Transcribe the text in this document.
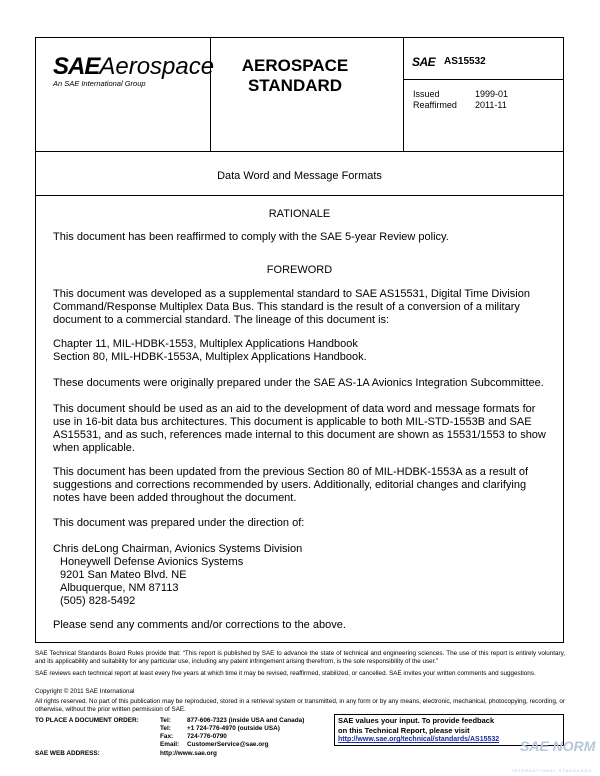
SAEAerospace
An SAE International Group
AEROSPACE
STANDARD
SAE AS15532
Issued	1999-01
Reaffirmed 2011-11
Data Word and Message Formats
RATIONALE
This document has been reaffirmed to comply with the SAE 5-year Review policy.
FOREWORD

This document was developed as a supplemental standard to SAE AS15531, Digital Time Division Command/Response Multiplex Data Bus. This standard is the result of a conversion of a military document to a commercial standard. The lineage of this document is:

Chapter 11, MIL-HDBK-1553, Multiplex Applications Handbook
Section 80, MIL-HDBK-1553A, Multiplex Applications Handbook.

These documents were originally prepared under the SAE AS-1A Avionics Integration Subcommittee.

This document should be used as an aid to the development of data word and message formats for use in 16-bit data bus architectures. This document is applicable to both MIL-STD-1553B and SAE AS15531, and as such, references made internal to this document are shown as 15531/1553 to show when applicable.

This document has been updated from the previous Section 80 of MIL-HDBK-1553A as a result of suggestions and corrections recommended by users. Additionally, editorial changes and clarifying notes have been added throughout the document.

This document was prepared under the direction of:

Chris deLong Chairman, Avionics Systems Division
Honeywell Defense Avionics Systems
9201 San Mateo Blvd. NE
Albuquerque, NM 87113
(505) 828-5492

Please send any comments and/or corrections to the above.

SAE Technical Standards Board Rules provide that: “This report is published by SAE to advance the state of technical and engineering sciences. The use of this report is entirely voluntary, and its applicability and suitability for any particular use, including any patent infringement arising therefrom, is the sole responsibility of the user.”

SAE reviews each technical report at least every five years at which time it may be revised, reaffirmed, stabilized, or cancelled. SAE invites your written comments and suggestions.

Copyright © 2011 SAE International

All rights reserved. No part of this publication may be reproduced, stored in a retrieval system or transmitted, in any form or by any means, electronic, mechanical, photocopying, recording, or otherwise, without the prior written permission of SAE.

TO PLACE A DOCUMENT ORDER:	Tel:	877-606-7323 (inside USA and Canada)
Tel:	+1 724-776-4970 (outside USA)
Fax: 724-776-0790
Email: CustomerService@sae.org
SAE WEB ADDRESS:	http://www.sae.org
SAE values your input. To provide feedback
on this Technical Report, please visit
http://www.sae.org/technical/standards/AS15532	SAE NORM
INTERNATIONAL STANDARDS
